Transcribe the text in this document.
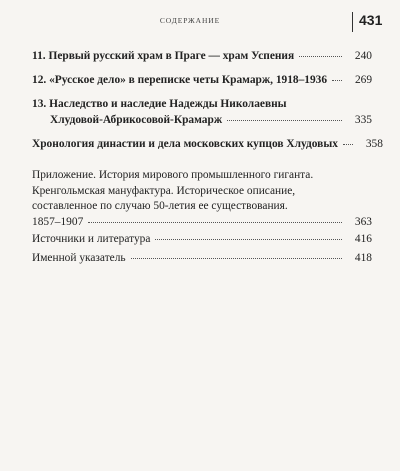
СОДЕРЖАНИЕ	431
11.
Первый русский храм в Праге — храм Успения	240
12.
«Русское дело» в переписке четы Крамарж, 1918–1936	269
13.
Наследство и наследие Надежды Николаевны
Хлудовой-Абрикосовой-Крамарж	335
Хронология династии и дела московских купцов Хлудовых	358
Приложение. История мирового промышленного гиганта.
Кренгольмская мануфактура. Историческое описание,
составленное по случаю 50-летия ее существования.
1857–1907	363
Источники и литература	416
Именной указатель	418
